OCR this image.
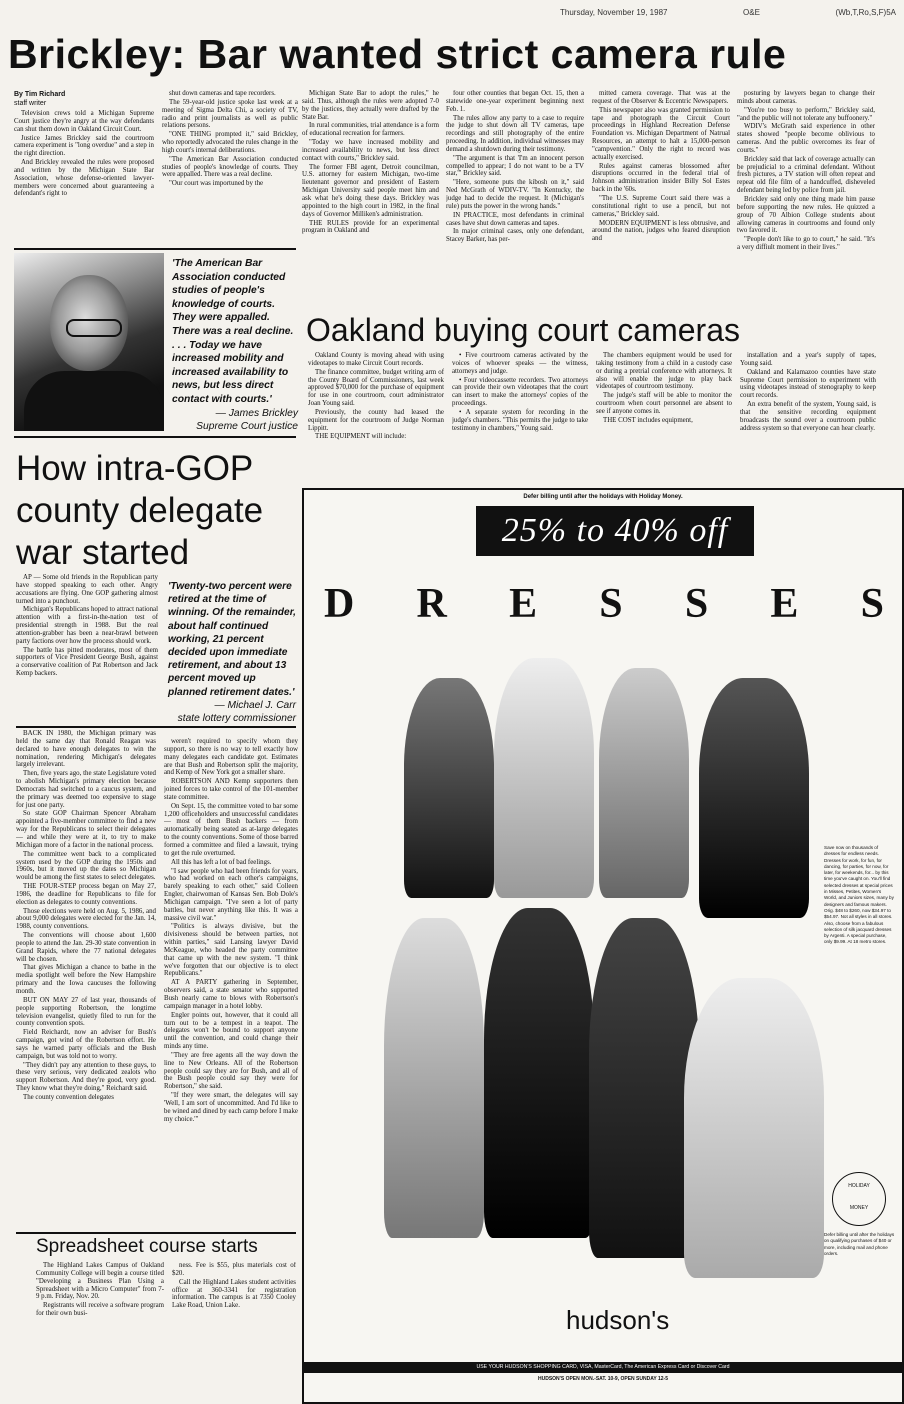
Thursday, November 19, 1987	O&E	(Wb,T,Ro,S,F)5A
Brickley: Bar wanted strict camera rule
By Tim Richard
staff writer

Television crews told a Michigan Supreme Court justice they're angry at the way defendants can shut them down in Oakland Circuit Court.

Justice James Brickley said the courtroom camera experiment is "long overdue" and a step in the right direction.

And Brickley revealed the rules were proposed and written by the Michigan State Bar Association, whose defense-oriented lawyer-members were concerned about guaranteeing a defendant's right to

shut down cameras and tape recorders.

The 59-year-old justice spoke last week at a meeting of Sigma Delta Chi, a society of TV, radio and print journalists as well as public relations persons.

"ONE THING prompted it," said Brickley, who reportedly advocated the rules change in the high court's internal deliberations.

"The American Bar Association conducted studies of people's knowledge of courts. They were appalled. There was a real decline.

"Our court was importuned by the

Michigan State Bar to adopt the rules," he said. Thus, although the rules were adopted 7-0 by the justices, they actually were drafted by the State Bar.

In rural communities, trial attendance is a form of educational recreation for farmers.

"Today we have increased mobility and increased availability to news, but less direct contact with courts," Brickley said.

The former FBI agent, Detroit councilman, U.S. attorney for eastern Michigan, two-time lieutenant governor and president of Eastern Michigan University said people meet him and ask what he's doing these days. Brickley was appointed to the high court in 1982, in the final days of Governor Milliken's administration.

THE RULES provide for an experimental program in Oakland and

four other counties that began Oct. 15, then a statewide one-year experiment beginning next Feb. 1.

The rules allow any party to a case to require the judge to shut down all TV cameras, tape recordings and still photography of the entire proceeding. In addition, individual witnesses may demand a shutdown during their testimony.

"The argument is that 'I'm an innocent person compelled to appear; I do not want to be a TV star,'" Brickley said.

"Here, someone puts the kibosh on it," said Ned McGrath of WDIV-TV. "In Kentucky, the judge had to decide the request. It (Michigan's rule) puts the power in the wrong hands."

IN PRACTICE, most defendants in criminal cases have shut down cameras and tapes.

In major criminal cases, only one defendant, Stacey Barker, has per-

mitted camera coverage. That was at the request of the Observer & Eccentric Newspapers.

This newspaper also was granted permission to tape and photograph the Circuit Court proceedings in Highland Recreation Defense Foundation vs. Michigan Department of Natrual Resources, an attempt to halt a 15,000-person "campvention." Only the right to record was actually exercised.

Rules against cameras blossomed after disruptions occurred in the federal trial of Johnson administration insider Billy Sol Estes back in the '60s.

"The U.S. Supreme Court said there was a constitutional right to use a pencil, but not cameras," Brickley said.

MODERN EQUIPMENT is less obtrusive, and around the nation, judges who feared disruption and

posturing by lawyers began to change their minds about cameras.

"You're too busy to perform," Brickley said, "and the public will not tolerate any buffoonery."

WDIV's McGrath said experience in other states showed "people become oblivious to cameras. And the public overcomes its fear of courts."

Brickley said that lack of coverage actually can be prejudicial to a criminal defendant. Without fresh pictures, a TV station will often repeat and repeat old file film of a handcuffed, disheveled defendant being led by police from jail.

Brickley said only one thing made him pause before supporting the new rules. He quizzed a group of 70 Albion College students about allowing cameras in courtrooms and found only two favored it.

"People don't like to go to court," he said. "It's a very diffiult moment in their lives."

'The American Bar Association conducted studies of people's knowledge of courts. They were appalled. There was a real decline. . . . Today we have increased mobility and increased availability to news, but less direct contact with courts.'
— James Brickley
Supreme Court justice
Oakland buying court cameras

Oakland County is moving ahead with using videotapes to make Circuit Court records.

The finance committee, budget writing arm of the County Board of Commissioners, last week approved $70,000 for the purchase of equipment for use in one courtroom, court administrator Joan Young said.

Previously, the county had leased the equipment for the courtroom of Judge Norman Lippitt.

THE EQUIPMENT will include:

• Five courtroom cameras activated by the voices of whoever speaks — the witness, attorneys and judge.

• Four videocassette recorders. Two attorneys can provide their own videotapes that the court can insert to make the attorneys' copies of the proceedings.

• A separate system for recording in the judge's chambers. "This permits the judge to take testimony in chambers," Young said.

The chambers equipment would be used for taking testimony from a child in a custody case or during a pretrial conference with attorneys. It also will enable the judge to play back videotapes of courtroom testimony.

The judge's staff will be able to monitor the courtroom when court personnel are absent to see if anyone comes in.

THE COST includes equipment,

installation and a year's supply of tapes, Young said.

Oakland and Kalamazoo counties have state Supreme Court permission to experiment with using videotapes instead of stenography to keep court records.

An extra benefit of the system, Young said, is that the sensitive recording equipment broadcasts the sound over a courtroom public address system so that everyone can hear clearly.

How intra-GOP
county delegate
war started

AP — Some old friends in the Republican party have stopped speaking to each other. Angry accusations are flying. One GOP gathering almost turned into a punchout.

Michigan's Republicans hoped to attract national attention with a first-in-the-nation test of presidential strength in 1988. But the real attention-grabber has been a near-brawl between party factions over how the process should work.

The battle has pitted moderates, most of them supporters of Vice President George Bush, against a conservative coalition of Pat Robertson and Jack Kemp backers.

'Twenty-two percent were retired at the time of winning. Of the remainder, about half continued working, 21 percent decided upon immediate retirement, and about 13 percent moved up planned retirement dates.'
— Michael J. Carr
state lottery commissioner

BACK IN 1980, the Michigan primary was held the same day that Ronald Reagan was declared to have enough delegates to win the nomination, rendering Michigan's delegates largely irrelevant.

Then, five years ago, the state Legislature voted to abolish Michigan's primary election because Democrats had switched to a caucus system, and the primary was deemed too expensive to stage for just one party.

So state GOP Chairman Spencer Abraham appointed a five-member committee to find a new way for the Republicans to select their delegates — and while they were at it, to try to make Michigan more of a factor in the national process.

The committee went back to a complicated system used by the GOP during the 1950s and 1960s, but it moved up the dates so Michigan would be among the first states to select delegates.

THE FOUR-STEP process began on May 27, 1986, the deadline for Republicans to file for election as delegates to county conventions.

Those elections were held on Aug. 5, 1986, and about 9,000 delegates were elected for the Jan. 14, 1988, county conventions.

The conventions will choose about 1,600 people to attend the Jan. 29-30 state convention in Grand Rapids, where the 77 national delegates will be chosen.

That gives Michigan a chance to bathe in the media spotlight well before the New Hampshire primary and the Iowa caucuses the following month.

BUT ON MAY 27 of last year, thousands of people supporting Robertson, the longtime television evangelist, quietly filed to run for the county convention spots.

Field Reichardt, now an adviser for Bush's campaign, got wind of the Robertson effort. He says he warned party officials and the Bush campaign, but was told not to worry.

"They didn't pay any attention to these guys, to these very serious, very dedicated zealots who support Robertson. And they're good, very good. They know what they're doing," Reichardt said.

The county convention delegates

weren't required to specify whom they support, so there is no way to tell exactly how many delegates each candidate got. Estimates are that Bush and Robertson split the majority, and Kemp of New York got a smaller share.

ROBERTSON AND Kemp supporters then joined forces to take control of the 101-member state committee.

On Sept. 15, the committee voted to bar some 1,200 officeholders and unsuccessful candidates — most of them Bush backers — from automatically being seated as at-large delegates to the county conventions. Some of those barred formed a committee and filed a lawsuit, trying to get the rule overturned.

All this has left a lot of bad feelings.

"I saw people who had been friends for years, who had worked on each other's campaigns, barely speaking to each other," said Colleen Engler, chairwoman of Kansas Sen. Bob Dole's Michigan campaign. "I've seen a lot of party battles, but never anything like this. It was a massive civil war."

"Politics is always divisive, but the divisiveness should be between parties, not within parties," said Lansing lawyer David McKeague, who headed the party committee that came up with the new system. "I think we've forgotten that our objective is to elect Republicans."

AT A PARTY gathering in September, observers said, a state senator who supported Bush nearly came to blows with Robertson's campaign manager in a hotel lobby.

Engler points out, however, that it could all turn out to be a tempest in a teapot. The delegates won't be bound to support anyone until the convention, and could change their minds any time.

"They are free agents all the way down the line to New Orleans. All of the Robertson people could say they are for Bush, and all of the Bush people could say they were for Robertson," she said.

"If they were smart, the delegates will say 'Well, I am sort of uncommitted. And I'd like to be wined and dined by each camp before I make my choice.'"

Spreadsheet course starts

The Highland Lakes Campus of Oakland Community College will begin a course titled "Developing a Business Plan Using a Spreadsheet with a Micro Computer" from 7-9 p.m. Friday, Nov. 20.

Registrants will receive a software program for their own busi-

ness. Fee is $55, plus materials cost of $20.

Call the Highland Lakes student activities office at 360-3341 for registration information. The campus is at 7350 Cooley Lake Road, Union Lake.

Defer billing until after the holidays with Holiday Money.
25% to 40% off
D R E S S E S
Save now on thousands of dresses for endless needs. Dresses for work, for fun, for dancing, for parties, for now, for later, for weekends, for... by this time you've caught on. You'll find selected dresses at special prices in Misses, Petites, Women's World, and Juniors sizes, many by designers and famous makers. Orig. $48 to $260, now $34.97 to $54.97. Not all styles in all stores. Also, choose from a fabulous selection of silk jacquard dresses by Argenti. A special purchase, only $9.99. At 18 metro stores.
HOLIDAY
MONEY
Defer billing until after the holidays on qualifying purchases of $40 or more, including mail and phone orders.
hudson's
USE YOUR HUDSON'S SHOPPING CARD, VISA, MasterCard, The American Express Card or Discover Card
HUDSON'S OPEN MON.-SAT. 10-9, OPEN SUNDAY 12-5
